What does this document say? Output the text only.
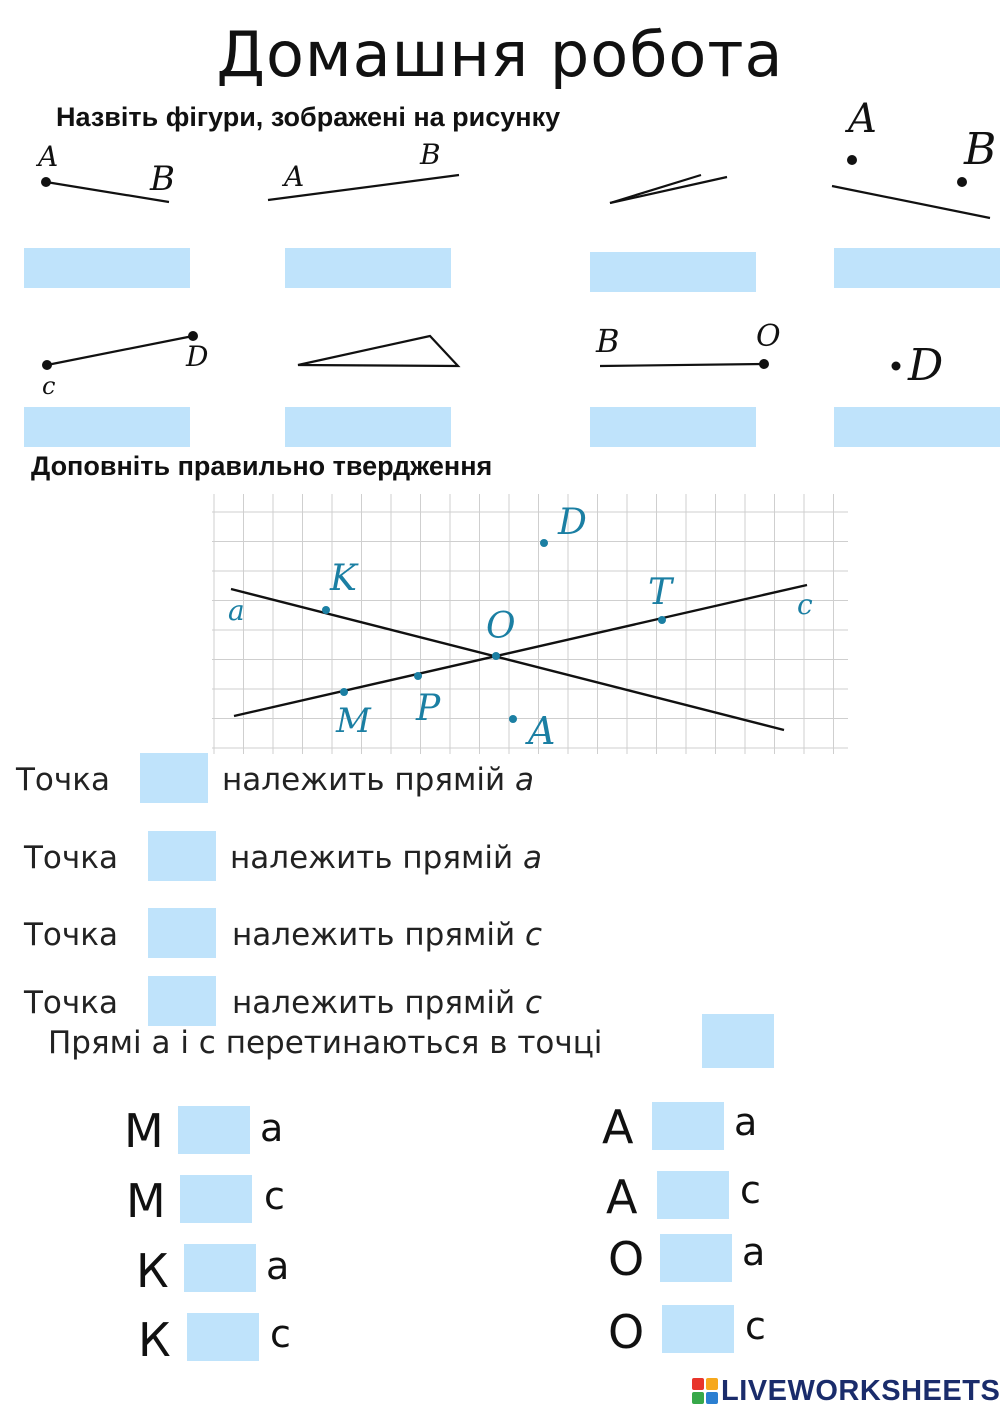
Домашня робота
Назвіть фігури, зображені на рисунку
A
B	A
B
A
B
c
D	B	O
D
Доповніть правильно твердження
a	c
K
D
O
T
M P
A
Точка	належить прямій a
Точка	належить прямій a
Точка	належить прямій c
Точка	належить прямій c
Прямі а і с перетинаються в точці
M	a
M	c
К	a
К	c
A	a
A	c
O	a
O	c
LIVEWORKSHEETS
